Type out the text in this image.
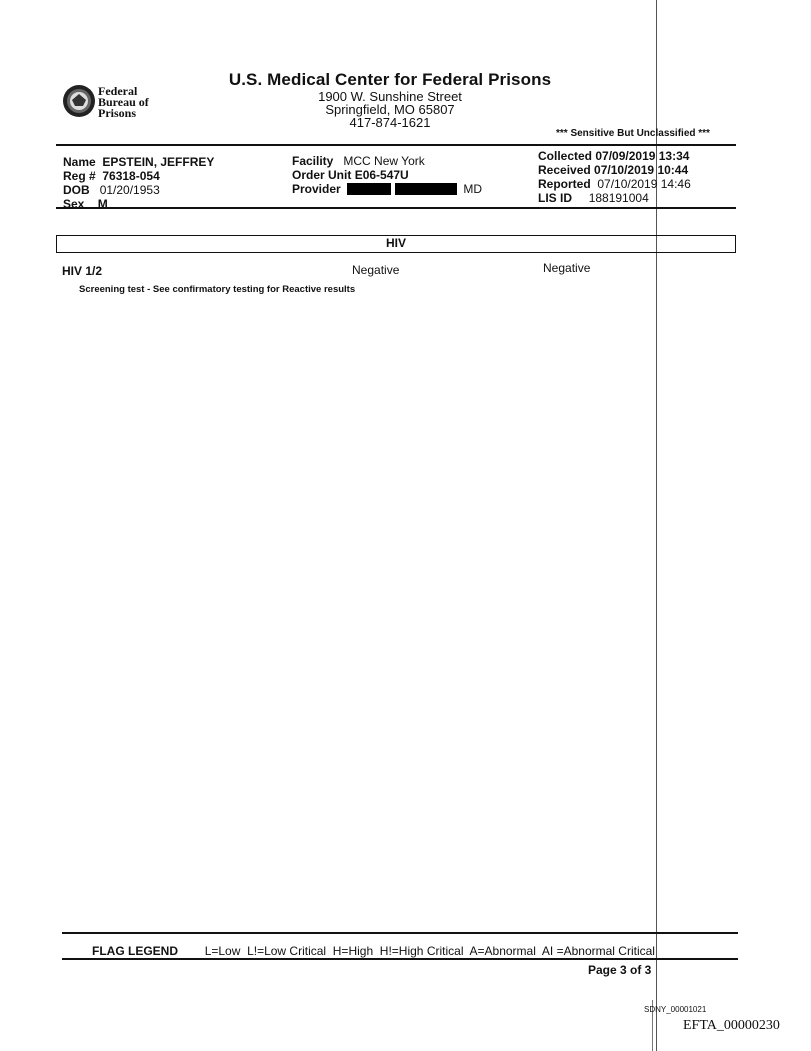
Federal
Bureau of
Prisons
U.S. Medical Center for Federal Prisons
1900 W. Sunshine Street
Springfield, MO 65807
417-874-1621
*** Sensitive But Unclassified ***
Name EPSTEIN, JEFFREY
Reg # 76318-054
DOB 01/20/1953
Sex M
Facility MCC New York
Order Unit E06-547U
Provider	MD
Collected 07/09/2019 13:34
Received 07/10/2019 10:44
Reported 07/10/2019 14:46
LIS ID 188191004
HIV
HIV 1/2	Negative	Negative
Screening test - See confirmatory testing for Reactive results
FLAG LEGEND L=Low L!=Low Critical H=High H!=High Critical A=Abnormal AI =Abnormal Critical
Page 3 of 3
SDNY_00001021
EFTA_00000230
